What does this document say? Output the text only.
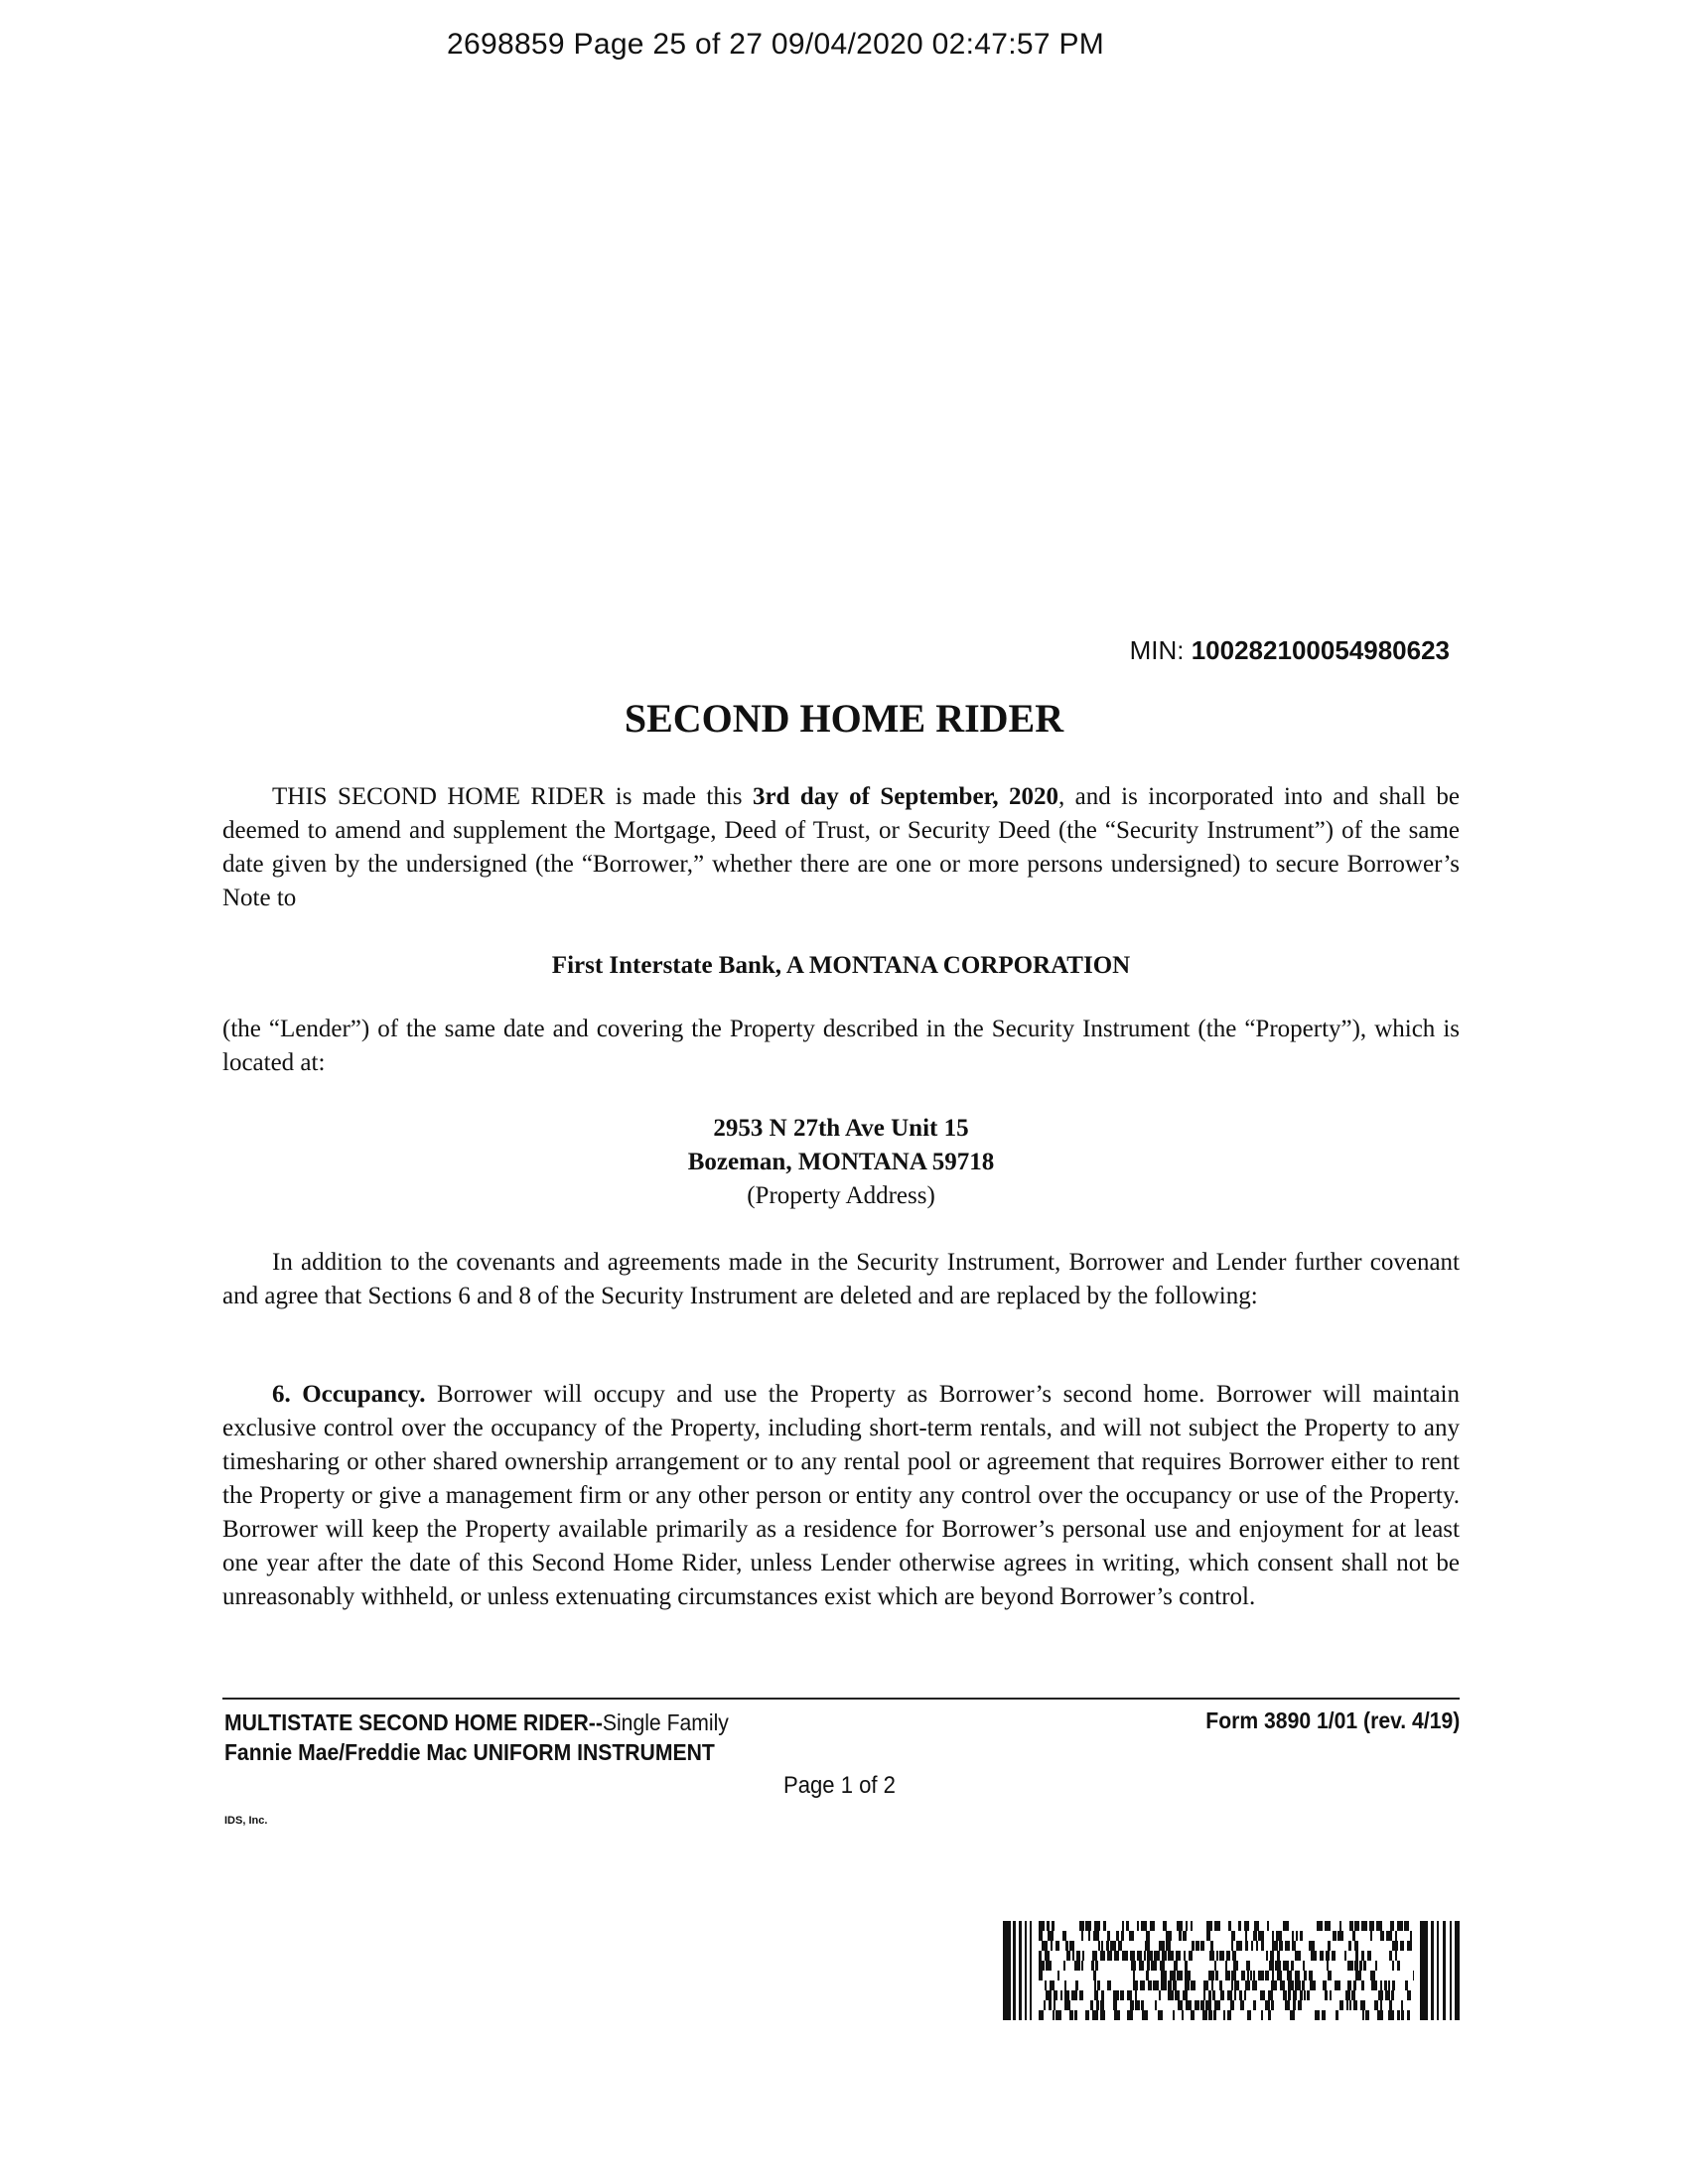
2698859 Page 25 of 27 09/04/2020 02:47:57 PM
MIN: 100282100054980623
SECOND HOME RIDER
THIS SECOND HOME RIDER is made this 3rd day of September, 2020, and is incorporated into and shall be deemed to amend and supplement the Mortgage, Deed of Trust, or Security Deed (the “Security Instrument”) of the same date given by the undersigned (the “Borrower,” whether there are one or more persons undersigned) to secure Borrower’s Note to
First Interstate Bank, A MONTANA CORPORATION
(the “Lender”) of the same date and covering the Property described in the Security Instrument (the “Property”), which is located at:
2953 N 27th Ave Unit 15
Bozeman, MONTANA 59718
(Property Address)
In addition to the covenants and agreements made in the Security Instrument, Borrower and Lender further covenant and agree that Sections 6 and 8 of the Security Instrument are deleted and are replaced by the following:
6. Occupancy. Borrower will occupy and use the Property as Borrower’s second home. Borrower will maintain exclusive control over the occupancy of the Property, including short-term rentals, and will not subject the Property to any timesharing or other shared ownership arrangement or to any rental pool or agreement that requires Borrower either to rent the Property or give a management firm or any other person or entity any control over the occupancy or use of the Property. Borrower will keep the Property available primarily as a residence for Borrower’s personal use and enjoyment for at least one year after the date of this Second Home Rider, unless Lender otherwise agrees in writing, which consent shall not be unreasonably withheld, or unless extenuating circumstances exist which are beyond Borrower’s control.
MULTISTATE SECOND HOME RIDER--Single Family
Fannie Mae/Freddie Mac UNIFORM INSTRUMENT
Form 3890 1/01 (rev. 4/19)
Page 1 of 2
IDS, Inc.
